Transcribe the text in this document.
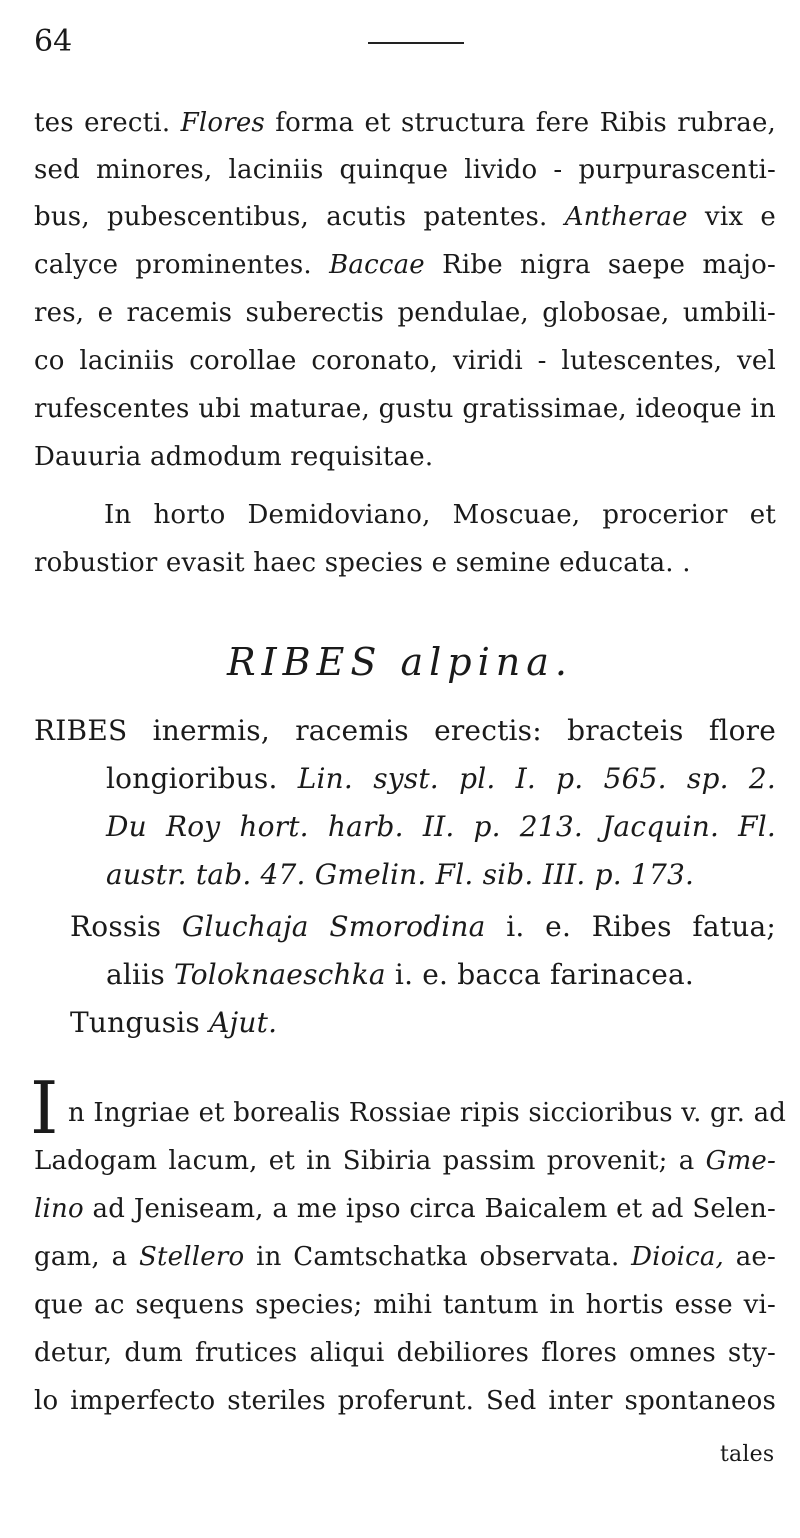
64
tes erecti. Flores forma et structura fere Ribis rubrae,
sed minores, laciniis quinque livido - purpurascenti-
bus, pubescentibus, acutis patentes. Antherae vix e
calyce prominentes. Baccae Ribe nigra saepe majo-
res, e racemis suberectis pendulae, globosae, umbili-
co laciniis corollae coronato, viridi - lutescentes, vel
rufescentes ubi maturae, gustu gratissimae, ideoque in
Dauuria admodum requisitae.
In horto Demidoviano, Moscuae, procerior et
robustior evasit haec species e semine educata. .
RIBES alpina.
RIBES inermis, racemis erectis: bracteis flore
longioribus. Lin. syst. pl. I. p. 565. sp. 2.
Du Roy hort. harb. II. p. 213. Jacquin. Fl.
austr. tab. 47. Gmelin. Fl. sib. III. p. 173.
Rossis Gluchaja Smorodina i. e. Ribes fatua;
aliis Toloknaeschka i. e. bacca farinacea.
Tungusis Ajut.
I n Ingriae et borealis Rossiae ripis siccioribus v. gr. ad
Ladogam lacum, et in Sibiria passim provenit; a Gme-
lino ad Jeniseam, a me ipso circa Baicalem et ad Selen-
gam, a Stellero in Camtschatka observata. Dioica, ae-
que ac sequens species; mihi tantum in hortis esse vi-
detur, dum frutices aliqui debiliores flores omnes sty-
lo imperfecto steriles proferunt. Sed inter spontaneos
tales
